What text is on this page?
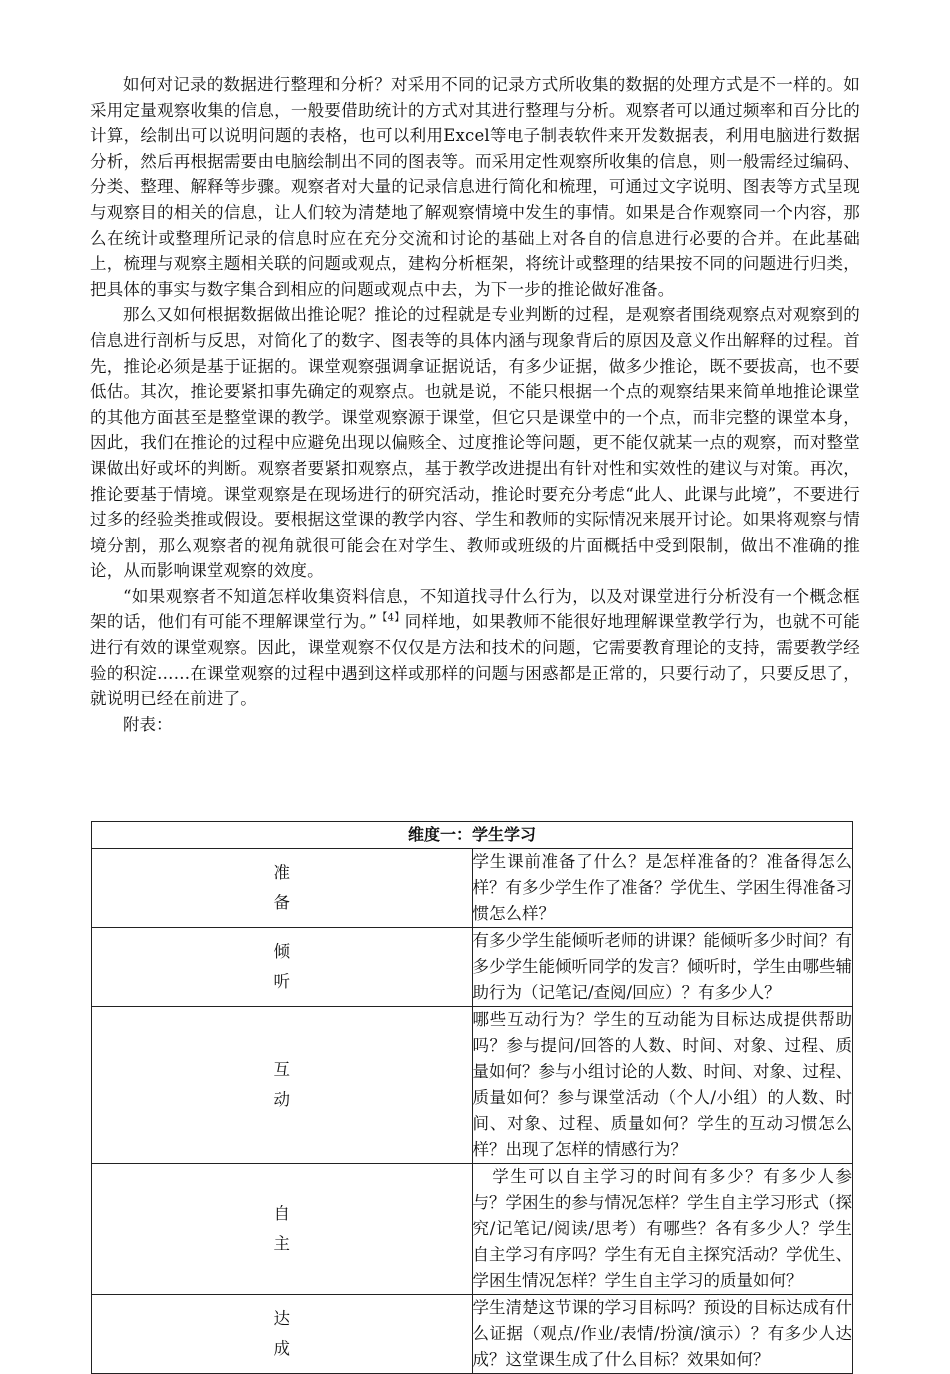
如何对记录的数据进行整理和分析？对采用不同的记录方式所收集的数据的处理方式是不一样的。如采用定量观察收集的信息，一般要借助统计的方式对其进行整理与分析。观察者可以通过频率和百分比的计算，绘制出可以说明问题的表格，也可以利用Excel等电子制表软件来开发数据表，利用电脑进行数据分析，然后再根据需要由电脑绘制出不同的图表等。而采用定性观察所收集的信息，则一般需经过编码、分类、整理、解释等步骤。观察者对大量的记录信息进行简化和梳理，可通过文字说明、图表等方式呈现与观察目的相关的信息，让人们较为清楚地了解观察情境中发生的事情。如果是合作观察同一个内容，那么在统计或整理所记录的信息时应在充分交流和讨论的基础上对各自的信息进行必要的合并。在此基础上，梳理与观察主题相关联的问题或观点，建构分析框架，将统计或整理的结果按不同的问题进行归类，把具体的事实与数字集合到相应的问题或观点中去，为下一步的推论做好准备。

那么又如何根据数据做出推论呢？推论的过程就是专业判断的过程，是观察者围绕观察点对观察到的信息进行剖析与反思，对简化了的数字、图表等的具体内涵与现象背后的原因及意义作出解释的过程。首先，推论必须是基于证据的。课堂观察强调拿证据说话，有多少证据，做多少推论，既不要拔高，也不要低估。其次，推论要紧扣事先确定的观察点。也就是说，不能只根据一个点的观察结果来简单地推论课堂的其他方面甚至是整堂课的教学。课堂观察源于课堂，但它只是课堂中的一个点，而非完整的课堂本身，因此，我们在推论的过程中应避免出现以偏赅全、过度推论等问题，更不能仅就某一点的观察，而对整堂课做出好或坏的判断。观察者要紧扣观察点，基于教学改进提出有针对性和实效性的建议与对策。再次，推论要基于情境。课堂观察是在现场进行的研究活动，推论时要充分考虑“此人、此课与此境”，不要进行过多的经验类推或假设。要根据这堂课的教学内容、学生和教师的实际情况来展开讨论。如果将观察与情境分割，那么观察者的视角就很可能会在对学生、教师或班级的片面概括中受到限制，做出不准确的推论，从而影响课堂观察的效度。

“如果观察者不知道怎样收集资料信息，不知道找寻什么行为，以及对课堂进行分析没有一个概念框架的话，他们有可能不理解课堂行为。”$^{【4】}$同样地，如果教师不能很好地理解课堂教学行为，也就不可能进行有效的课堂观察。因此，课堂观察不仅仅是方法和技术的问题，它需要教育理论的支持，需要教学经验的积淀……在课堂观察的过程中遇到这样或那样的问题与困惑都是正常的，只要行动了，只要反思了，就说明已经在前进了。

附表：

维度一：学生学习	

准
备	学生课前准备了什么？是怎样准备的？准备得怎么样？有多少学生作了准备？学优生、学困生得准备习惯怎么样？

倾
听	有多少学生能倾听老师的讲课？能倾听多少时间？有多少学生能倾听同学的发言？倾听时，学生由哪些辅助行为（记笔记/查阅/回应）？有多少人？

互
动	哪些互动行为？学生的互动能为目标达成提供帮助吗？参与提问/回答的人数、时间、对象、过程、质量如何？参与小组讨论的人数、时间、对象、过程、质量如何？参与课堂活动（个人/小组）的人数、时间、对象、过程、质量如何？学生的互动习惯怎么样？出现了怎样的情感行为？

自
主	学生可以自主学习的时间有多少？有多少人参与？学困生的参与情况怎样？学生自主学习形式（探究/记笔记/阅读/思考）有哪些？各有多少人？学生自主学习有序吗？学生有无自主探究活动？学优生、学困生情况怎样？学生自主学习的质量如何？

达
成	学生清楚这节课的学习目标吗？预设的目标达成有什么证据（观点/作业/表情/扮演/演示）？有多少人达成？这堂课生成了什么目标？效果如何？
